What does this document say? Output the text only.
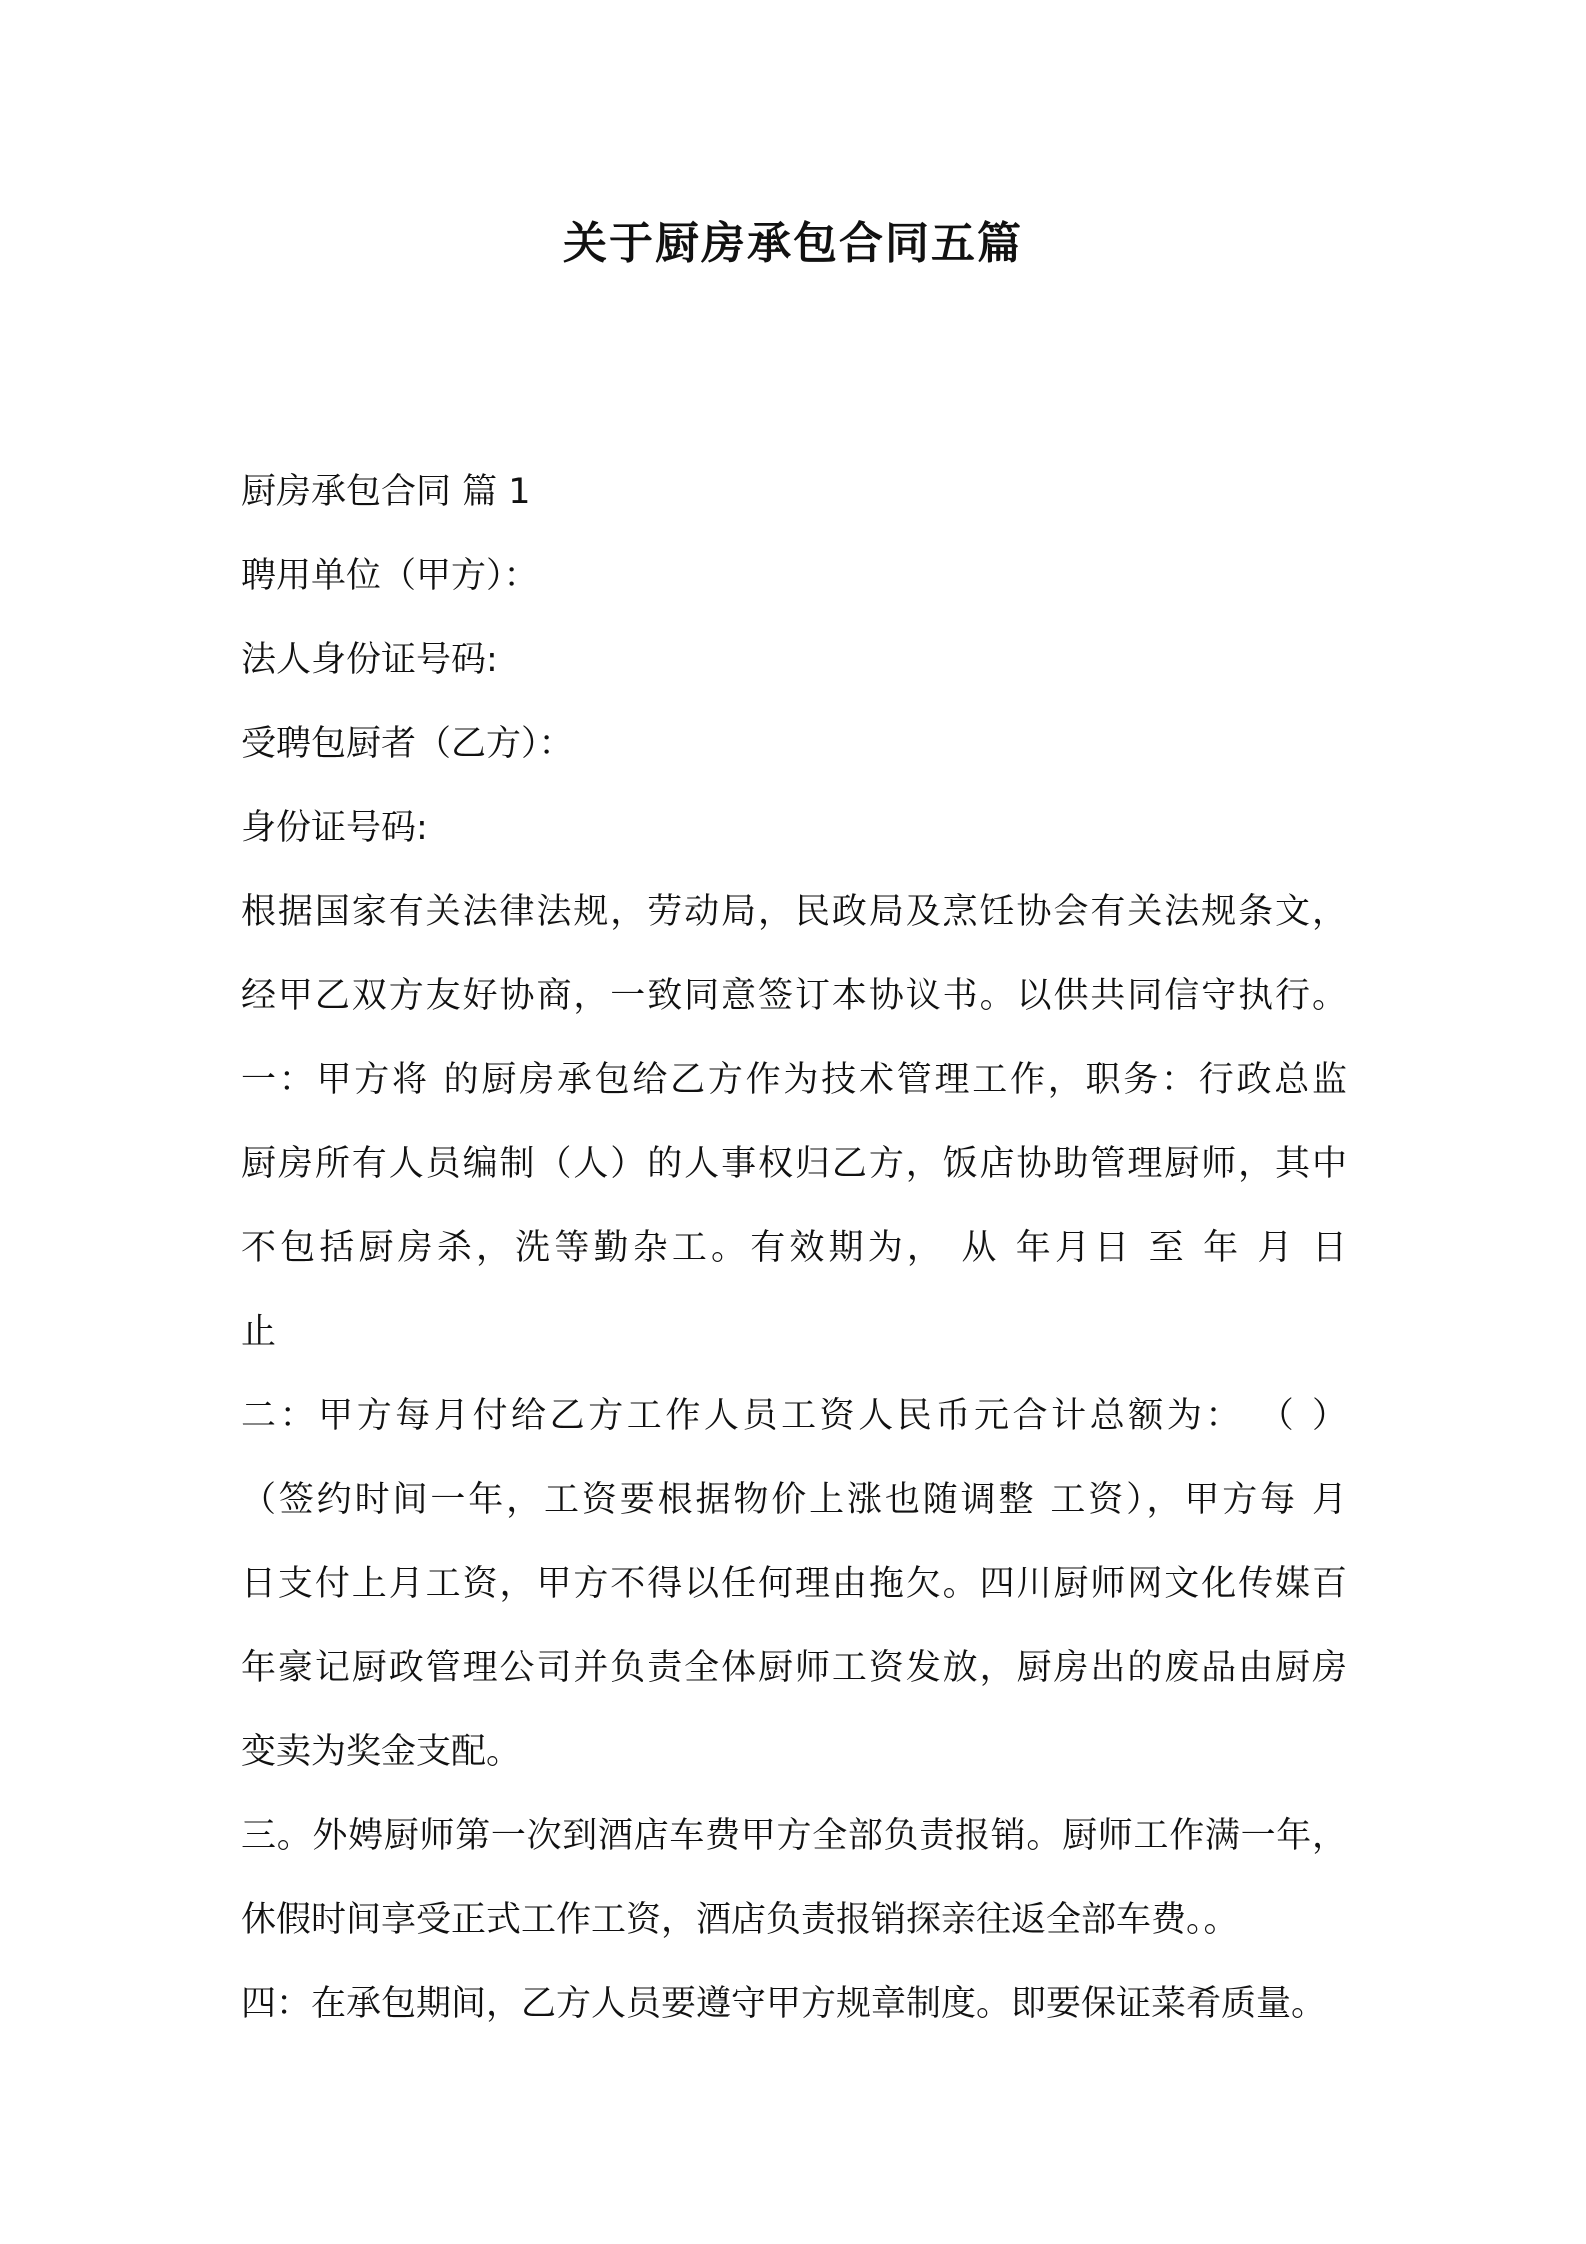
关于厨房承包合同五篇
厨房承包合同 篇 1
聘用单位（甲方）：
法人身份证号码:
受聘包厨者（乙方）：
身份证号码:
根据国家有关法律法规，劳动局，民政局及烹饪协会有关法规条文，
经甲乙双方友好协商，一致同意签订本协议书。以供共同信守执行。
一：甲方将 的厨房承包给乙方作为技术管理工作，职务：行政总监
厨房所有人员编制（人）的人事权归乙方，饭店协助管理厨师，其中
不包括厨房杀，洗等勤杂工。有效期为， 从 年月日 至 年 月 日
止
二：甲方每月付给乙方工作人员工资人民币元合计总额为： （ ）
（签约时间一年，工资要根据物价上涨也随调整 工资），甲方每 月
日支付上月工资，甲方不得以任何理由拖欠。四川厨师网文化传媒百
年豪记厨政管理公司并负责全体厨师工资发放，厨房出的废品由厨房
变卖为奖金支配。
三。外娉厨师第一次到酒店车费甲方全部负责报销。厨师工作满一年，
休假时间享受正式工作工资，酒店负责报销探亲往返全部车费。。
四：在承包期间，乙方人员要遵守甲方规章制度。即要保证菜肴质量。
